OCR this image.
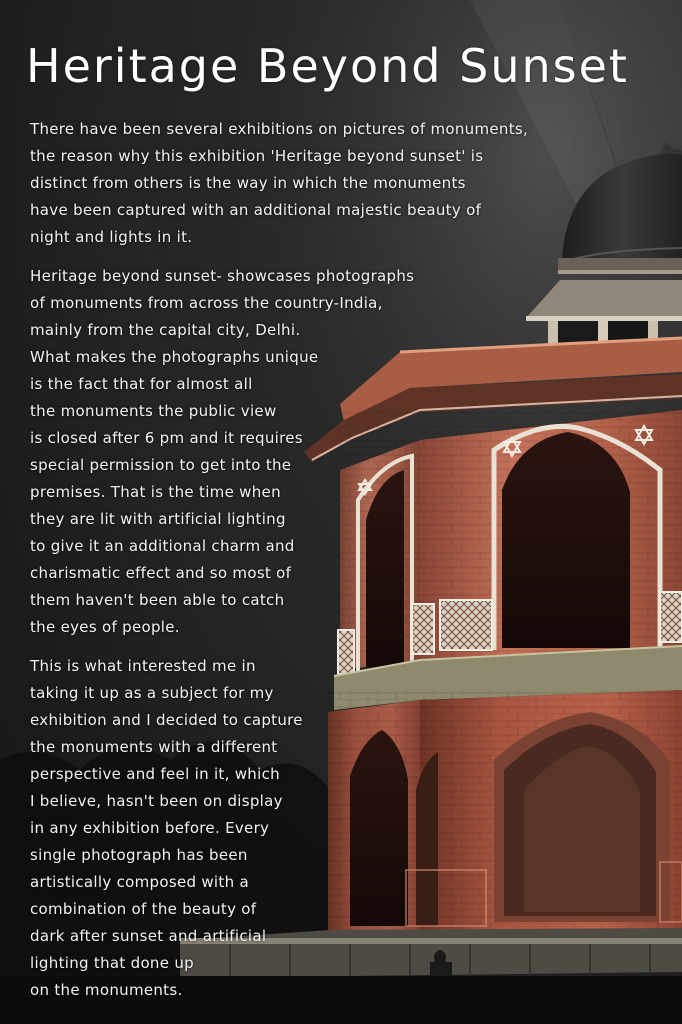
Heritage Beyond Sunset

There have been several exhibitions on pictures of monuments,
the reason why this exhibition 'Heritage beyond sunset' is
distinct from others is the way in which the monuments
have been captured with an additional majestic beauty of
night and lights in it.

Heritage beyond sunset- showcases photographs
of monuments from across the country-India,
mainly from the capital city, Delhi.
What makes the photographs unique
is the fact that for almost all
the monuments the public view
is closed after 6 pm and it requires
special permission to get into the
premises. That is the time when
they are lit with artificial lighting
to give it an additional charm and
charismatic effect and so most of
them haven't been able to catch
the eyes of people.

This is what interested me in
taking it up as a subject for my
exhibition and I decided to capture
the monuments with a different
perspective and feel in it, which
I believe, hasn't been on display
in any exhibition before. Every
single photograph has been
artistically composed with a
combination of the beauty of
dark after sunset and artificial
lighting that done up
on the monuments.
